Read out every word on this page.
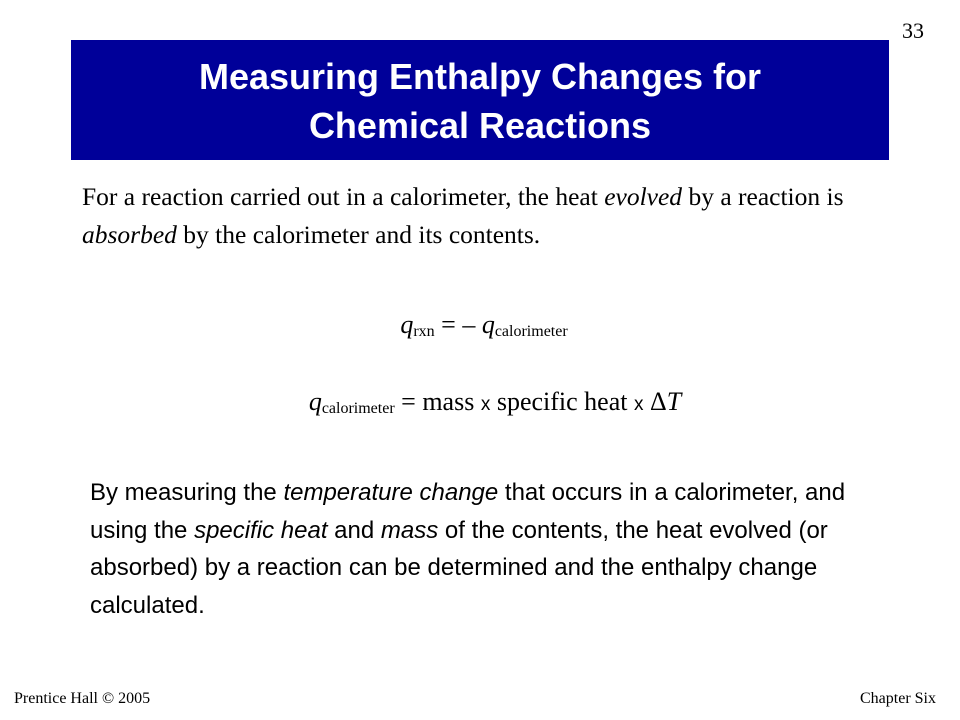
33
Measuring Enthalpy Changes for
Chemical Reactions
For a reaction carried out in a calorimeter, the heat evolved by a reaction is absorbed by the calorimeter and its contents.
$q_{rxn}$ = – $q_{calorimeter}$
$q_{calorimeter}$ = mass x specific heat x ΔT
By measuring the temperature change that occurs in a calorimeter, and using the specific heat and mass of the contents, the heat evolved (or absorbed) by a reaction can be determined and the enthalpy change calculated.
Prentice Hall © 2005	Chapter Six
